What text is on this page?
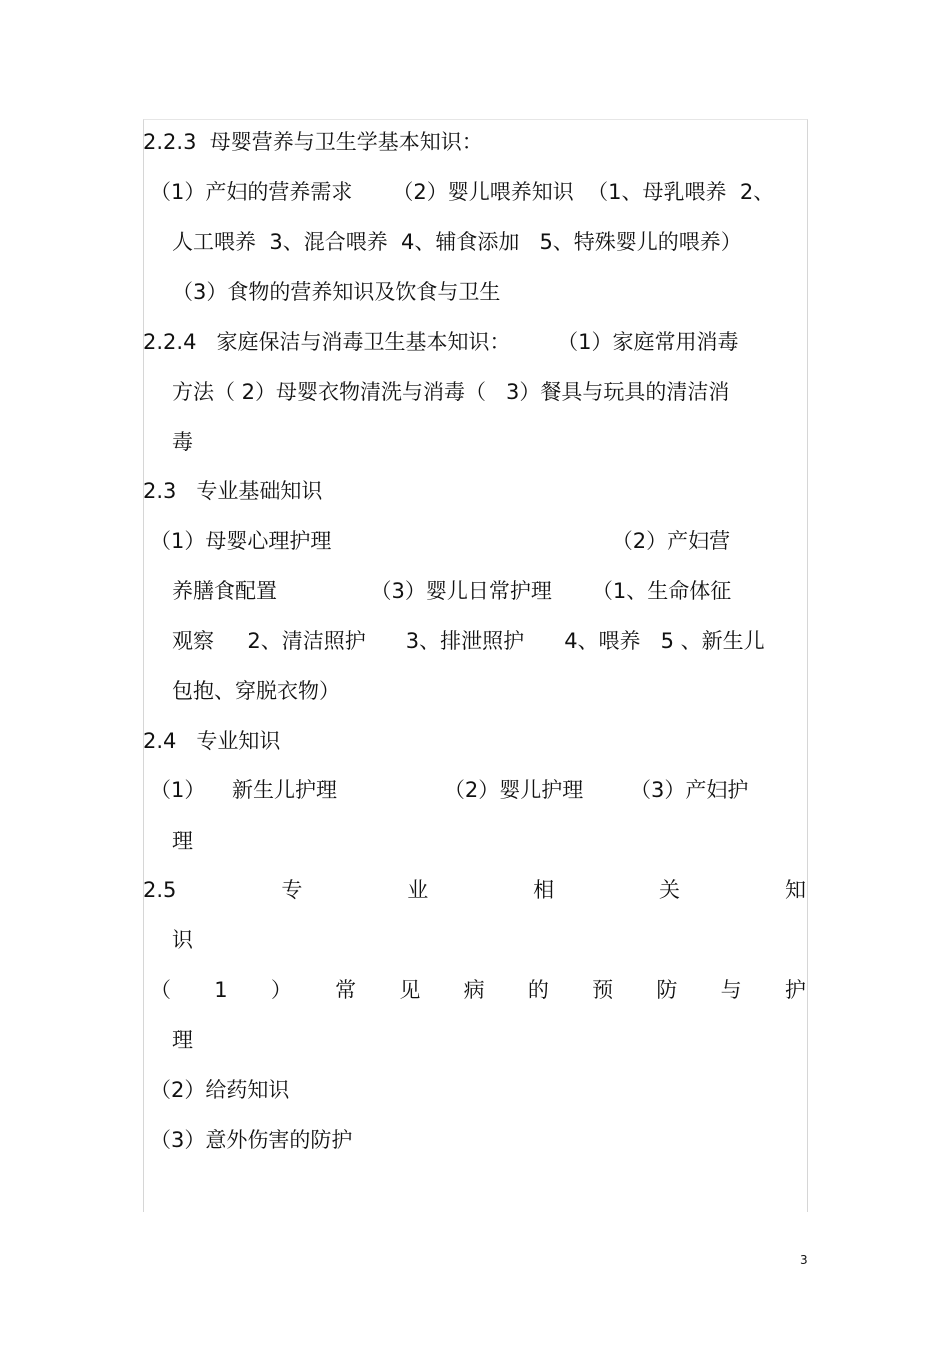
2.2.3  母婴营养与卫生学基本知识：

（1）产妇的营养需求      （2）婴儿喂养知识  （1、母乳喂养  2、

人工喂养  3、混合喂养  4、辅食添加   5、特殊婴儿的喂养）

（3）食物的营养知识及饮食与卫生

2.2.4   家庭保洁与消毒卫生基本知识：       （1）家庭常用消毒

方法（ 2）母婴衣物清洗与消毒（   3）餐具与玩具的清洁消

毒

2.3   专业基础知识

（1）母婴心理护理                                          （2）产妇营

养膳食配置              （3）婴儿日常护理      （1、生命体征

观察     2、清洁照护      3、排泄照护      4、喂养   5 、新生儿

包抱、穿脱衣物）

2.4   专业知识

（1）    新生儿护理                （2）婴儿护理       （3）产妇护

理

2.5	专	业	相	关	知

识

（ 1 ） 常 见 病 的 预 防 与 护

理

（2）给药知识

（3）意外伤害的防护

3
